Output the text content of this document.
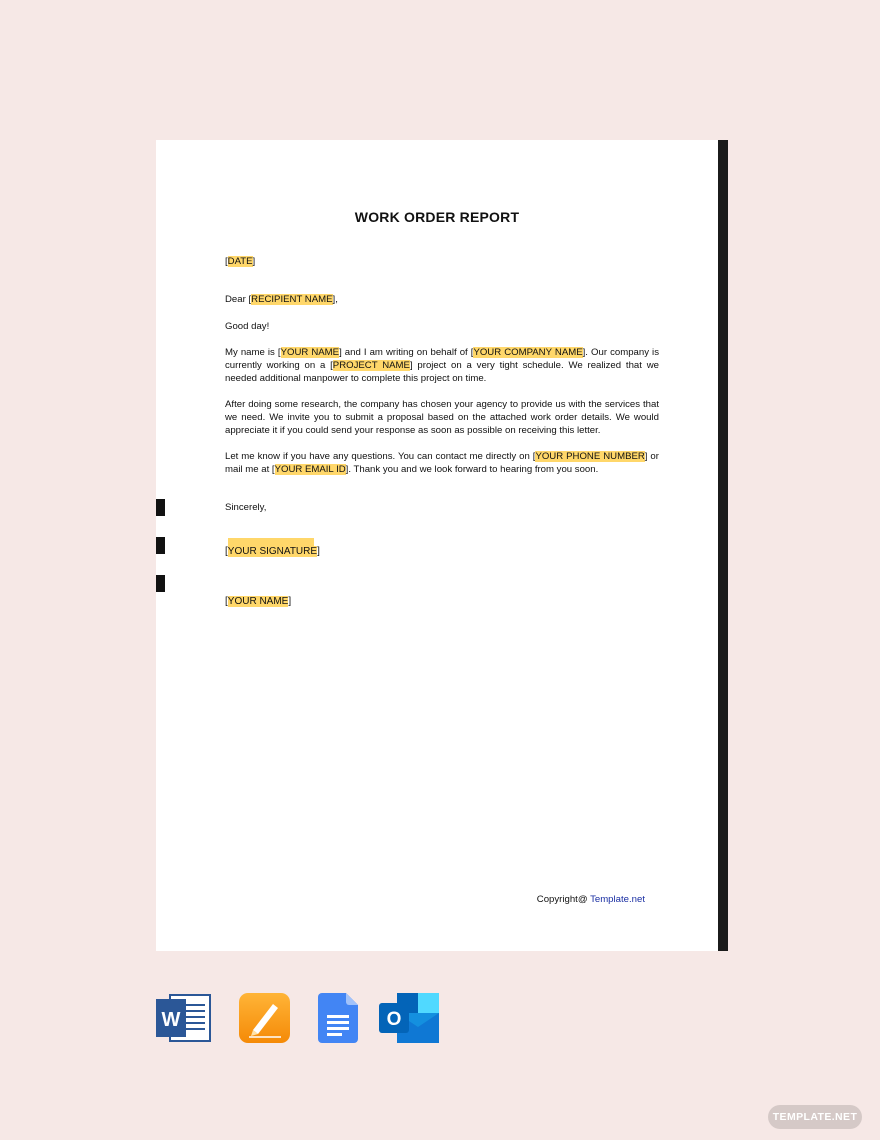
WORK ORDER REPORT

[DATE]

Dear [RECIPIENT NAME],

Good day!

My name is [YOUR NAME] and I am writing on behalf of [YOUR COMPANY NAME]. Our company is currently working on a [PROJECT NAME] project on a very tight schedule. We realized that we needed additional manpower to complete this project on time.

After doing some research, the company has chosen your agency to provide us with the services that we need. We invite you to submit a proposal based on the attached work order details. We would appreciate it if you could send your response as soon as possible on receiving this letter.

Let me know if you have any questions. You can contact me directly on [YOUR PHONE NUMBER] or mail me at [YOUR EMAIL ID]. Thank you and we look forward to hearing from you soon.

Sincerely,

[YOUR SIGNATURE]

[YOUR NAME]

Copyright@ Template.net
W	O
TEMPLATE.NET
